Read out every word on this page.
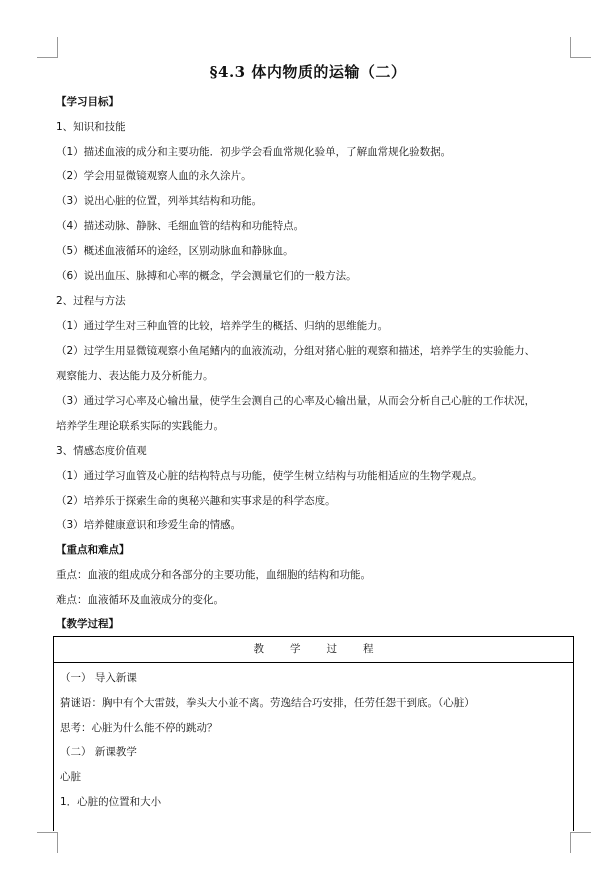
§4.3 体内物质的运输（二）
【学习目标】
1、知识和技能
（1）描述血液的成分和主要功能．初步学会看血常规化验单，了解血常规化验数据。
（2）学会用显微镜观察人血的永久涂片。
（3）说出心脏的位置，列举其结构和功能。
（4）描述动脉、静脉、毛细血管的结构和功能特点。
（5）概述血液循环的途经，区别动脉血和静脉血。
（6）说出血压、脉搏和心率的概念，学会测量它们的一般方法。
2、过程与方法
（1）通过学生对三种血管的比较，培养学生的概括、归纳的思维能力。
（2）过学生用显微镜观察小鱼尾鳍内的血液流动，分组对猪心脏的观察和描述，培养学生的实验能力、
观察能力、表达能力及分析能力。
（3）通过学习心率及心输出量，使学生会测自己的心率及心输出量，从而会分析自己心脏的工作状况，
培养学生理论联系实际的实践能力。
3、情感态度价值观
（1）通过学习血管及心脏的结构特点与功能，使学生树立结构与功能相适应的生物学观点。
（2）培养乐于探索生命的奥秘兴趣和实事求是的科学态度。
（3）培养健康意识和珍爱生命的情感。
【重点和难点】
重点：血液的组成成分和各部分的主要功能，血细胞的结构和功能。
难点：血液循环及血液成分的变化。
【教学过程】
教学过程
（一） 导入新课
猜谜语：胸中有个大雷鼓，拳头大小並不离。劳逸结合巧安排，任劳任怨干到底。（心脏）
思考：心脏为什么能不停的跳动？
（二） 新课教学
心脏
1．心脏的位置和大小
